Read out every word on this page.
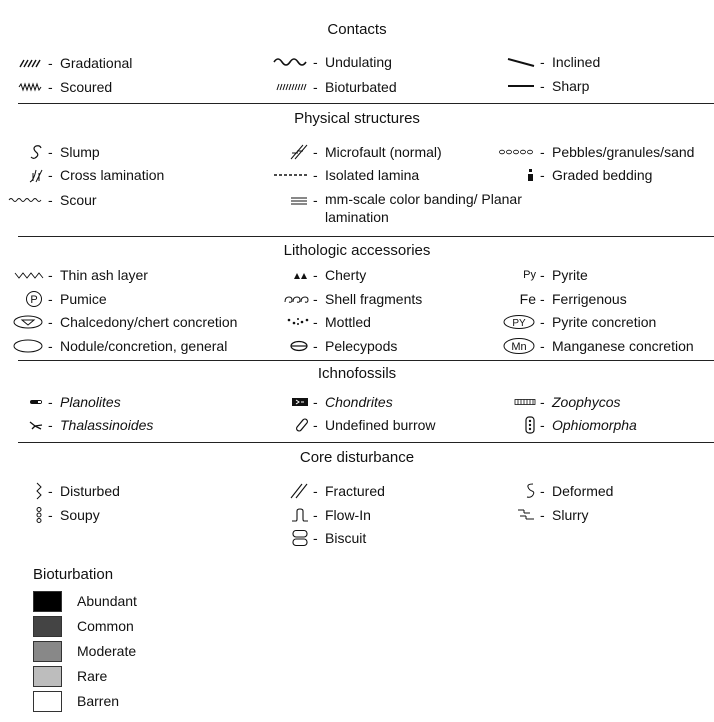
Contacts
- Gradational
- Scoured
- Undulating
- Bioturbated
- Inclined
- Sharp
Physical structures
- Slump
- Cross lamination
- Scour
- Microfault (normal)
- Isolated lamina
- mm-scale color banding/ Planar lamination
- Pebbles/granules/sand
- Graded bedding
Lithologic accessories
- Thin ash layer
P - Pumice
- Chalcedony/chert concretion
- Nodule/concretion, general
- Cherty
- Shell fragments
- Mottled
- Pelecypods
Py - Pyrite
Fe - Ferrigenous
PY - Pyrite concretion
Mn - Manganese concretion
Ichnofossils
- Planolites
- Thalassinoides
- Chondrites
- Undefined burrow
- Zoophycos
- Ophiomorpha
Core disturbance
- Disturbed
- Soupy
- Fractured
- Flow-In
- Biscuit
- Deformed
- Slurry
Bioturbation
Abundant
Common
Moderate
Rare
Barren
